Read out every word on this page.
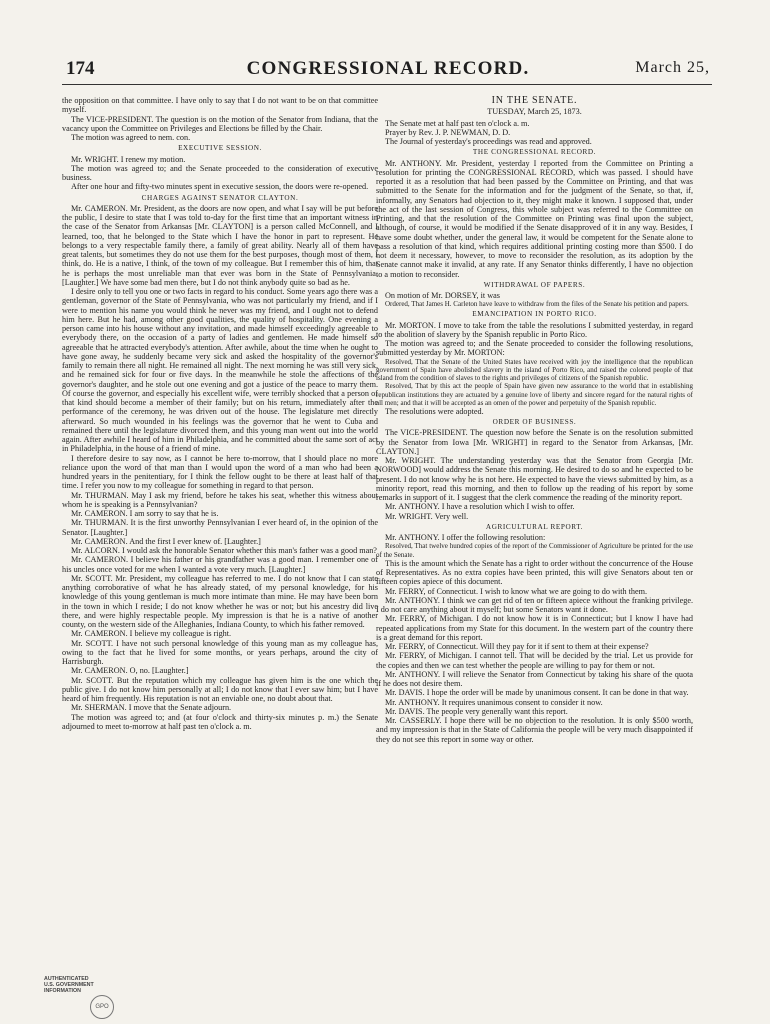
174	CONGRESSIONAL RECORD.	March 25,

the opposition on that committee. I have only to say that I do not want to be on that committee myself.

The VICE-PRESIDENT. The question is on the motion of the Senator from Indiana, that the vacancy upon the Committee on Privileges and Elections be filled by the Chair.

The motion was agreed to nem. con.

EXECUTIVE SESSION.

Mr. WRIGHT. I renew my motion.

The motion was agreed to; and the Senate proceeded to the consideration of executive business.

After one hour and fifty-two minutes spent in executive session, the doors were re-opened.

CHARGES AGAINST SENATOR CLAYTON.

Mr. CAMERON. Mr. President, as the doors are now open, and what I say will be put before the public, I desire to state that I was told to-day for the first time that an important witness in the case of the Senator from Arkansas [Mr. CLAYTON] is a person called McConnell, and I learned, too, that he belonged to the State which I have the honor in part to represent. He belongs to a very respectable family there, a family of great ability. Nearly all of them have great talents, but sometimes they do not use them for the best purposes, though most of them, I think, do. He is a native, I think, of the town of my colleague. But I remember this of him, that he is perhaps the most unreliable man that ever was born in the State of Pennsylvania. [Laughter.] We have some bad men there, but I do not think anybody quite so bad as he.

I desire only to tell you one or two facts in regard to his conduct. Some years ago there was a gentleman, governor of the State of Pennsylvania, who was not particularly my friend, and if I were to mention his name you would think he never was my friend, and I ought not to defend him here. But he had, among other good qualities, the quality of hospitality. One evening a person came into his house without any invitation, and made himself exceedingly agreeable to everybody there, on the occasion of a party of ladies and gentlemen. He made himself so agreeable that he attracted everybody's attention. After awhile, about the time when he ought to have gone away, he suddenly became very sick and asked the hospitality of the governor's family to remain there all night. He remained all night. The next morning he was still very sick, and he remained sick for four or five days. In the meanwhile he stole the affections of the governor's daughter, and he stole out one evening and got a justice of the peace to marry them. Of course the governor, and especially his excellent wife, were terribly shocked that a person of that kind should become a member of their family; but on his return, immediately after the performance of the ceremony, he was driven out of the house. The legislature met directly afterward. So much wounded in his feelings was the governor that he went to Cuba and remained there until the legislature divorced them, and this young man went out into the world again. After awhile I heard of him in Philadelphia, and he committed about the same sort of act in Philadelphia, in the house of a friend of mine.

I therefore desire to say now, as I cannot be here to-morrow, that I should place no more reliance upon the word of that man than I would upon the word of a man who had been a hundred years in the penitentiary, for I think the fellow ought to be there at least half of that time. I refer you now to my colleague for something in regard to that person.

Mr. THURMAN. May I ask my friend, before he takes his seat, whether this witness about whom he is speaking is a Pennsylvanian?

Mr. CAMERON. I am sorry to say that he is.

Mr. THURMAN. It is the first unworthy Pennsylvanian I ever heard of, in the opinion of the Senator. [Laughter.]

Mr. CAMERON. And the first I ever knew of. [Laughter.]

Mr. ALCORN. I would ask the honorable Senator whether this man's father was a good man?

Mr. CAMERON. I believe his father or his grandfather was a good man. I remember one of his uncles once voted for me when I wanted a vote very much. [Laughter.]

Mr. SCOTT. Mr. President, my colleague has referred to me. I do not know that I can state anything corroborative of what he has already stated, of my personal knowledge, for his knowledge of this young gentleman is much more intimate than mine. He may have been born in the town in which I reside; I do not know whether he was or not; but his ancestry did live there, and were highly respectable people. My impression is that he is a native of another county, on the western side of the Alleghanies, Indiana County, to which his father removed.

Mr. CAMERON. I believe my colleague is right.

Mr. SCOTT. I have not such personal knowledge of this young man as my colleague has, owing to the fact that he lived for some months, or years perhaps, around the city of Harrisburgh.

Mr. CAMERON. O, no. [Laughter.]

Mr. SCOTT. But the reputation which my colleague has given him is the one which the public give. I do not know him personally at all; I do not know that I ever saw him; but I have heard of him frequently. His reputation is not an enviable one, no doubt about that.

Mr. SHERMAN. I move that the Senate adjourn.

The motion was agreed to; and (at four o'clock and thirty-six minutes p. m.) the Senate adjourned to meet to-morrow at half past ten o'clock a. m.

IN THE SENATE.

TUESDAY, March 25, 1873.

The Senate met at half past ten o'clock a. m.

Prayer by Rev. J. P. NEWMAN, D. D.

The Journal of yesterday's proceedings was read and approved.

THE CONGRESSIONAL RECORD.

Mr. ANTHONY. Mr. President, yesterday I reported from the Committee on Printing a resolution for printing the CONGRESSIONAL RECORD, which was passed. I should have reported it as a resolution that had been passed by the Committee on Printing, and that was submitted to the Senate for the information and for the judgment of the Senate, so that, if, informally, any Senators had objection to it, they might make it known. I supposed that, under the act of the last session of Congress, this whole subject was referred to the Committee on Printing, and that the resolution of the Committee on Printing was final upon the subject, although, of course, it would be modified if the Senate disapproved of it in any way. Besides, I have some doubt whether, under the general law, it would be competent for the Senate alone to pass a resolution of that kind, which requires additional printing costing more than $500. I do not deem it necessary, however, to move to reconsider the resolution, as its adoption by the Senate cannot make it invalid, at any rate. If any Senator thinks differently, I have no objection to a motion to reconsider.

WITHDRAWAL OF PAPERS.

On motion of Mr. DORSEY, it was

Ordered, That James H. Carleton have leave to withdraw from the files of the Senate his petition and papers.

EMANCIPATION IN PORTO RICO.

Mr. MORTON. I move to take from the table the resolutions I submitted yesterday, in regard to the abolition of slavery by the Spanish republic in Porto Rico.

The motion was agreed to; and the Senate proceeded to consider the following resolutions, submitted yesterday by Mr. MORTON:

Resolved, That the Senate of the United States have received with joy the intelligence that the republican government of Spain have abolished slavery in the island of Porto Rico, and raised the colored people of that island from the condition of slaves to the rights and privileges of citizens of the Spanish republic.

Resolved, That by this act the people of Spain have given new assurance to the world that in establishing republican institutions they are actuated by a genuine love of liberty and sincere regard for the natural rights of all men; and that it will be accepted as an omen of the power and perpetuity of the Spanish republic.

The resolutions were adopted.

ORDER OF BUSINESS.

The VICE-PRESIDENT. The question now before the Senate is on the resolution submitted by the Senator from Iowa [Mr. WRIGHT] in regard to the Senator from Arkansas, [Mr. CLAYTON.]

Mr. WRIGHT. The understanding yesterday was that the Senator from Georgia [Mr. NORWOOD] would address the Senate this morning. He desired to do so and he expected to be present. I do not know why he is not here. He expected to have the views submitted by him, as a minority report, read this morning, and then to follow up the reading of his report by some remarks in support of it. I suggest that the clerk commence the reading of the minority report.

Mr. ANTHONY. I have a resolution which I wish to offer.

Mr. WRIGHT. Very well.

AGRICULTURAL REPORT.

Mr. ANTHONY. I offer the following resolution:

Resolved, That twelve hundred copies of the report of the Commissioner of Agriculture be printed for the use of the Senate.

This is the amount which the Senate has a right to order without the concurrence of the House of Representatives. As no extra copies have been printed, this will give Senators about ten or fifteen copies apiece of this document.

Mr. FERRY, of Connecticut. I wish to know what we are going to do with them.

Mr. ANTHONY. I think we can get rid of ten or fifteen apiece without the franking privilege. I do not care anything about it myself; but some Senators want it done.

Mr. FERRY, of Michigan. I do not know how it is in Connecticut; but I know I have had repeated applications from my State for this document. In the western part of the country there is a great demand for this report.

Mr. FERRY, of Connecticut. Will they pay for it if sent to them at their expense?

Mr. FERRY, of Michigan. I cannot tell. That will be decided by the trial. Let us provide for the copies and then we can test whether the people are willing to pay for them or not.

Mr. ANTHONY. I will relieve the Senator from Connecticut by taking his share of the quota if he does not desire them.

Mr. DAVIS. I hope the order will be made by unanimous consent. It can be done in that way.

Mr. ANTHONY. It requires unanimous consent to consider it now.

Mr. DAVIS. The people very generally want this report.

Mr. CASSERLY. I hope there will be no objection to the resolution. It is only $500 worth, and my impression is that in the State of California the people will be very much disappointed if they do not see this report in some way or other.

AUTHENTICATED
U.S. GOVERNMENT
INFORMATION
GPO
